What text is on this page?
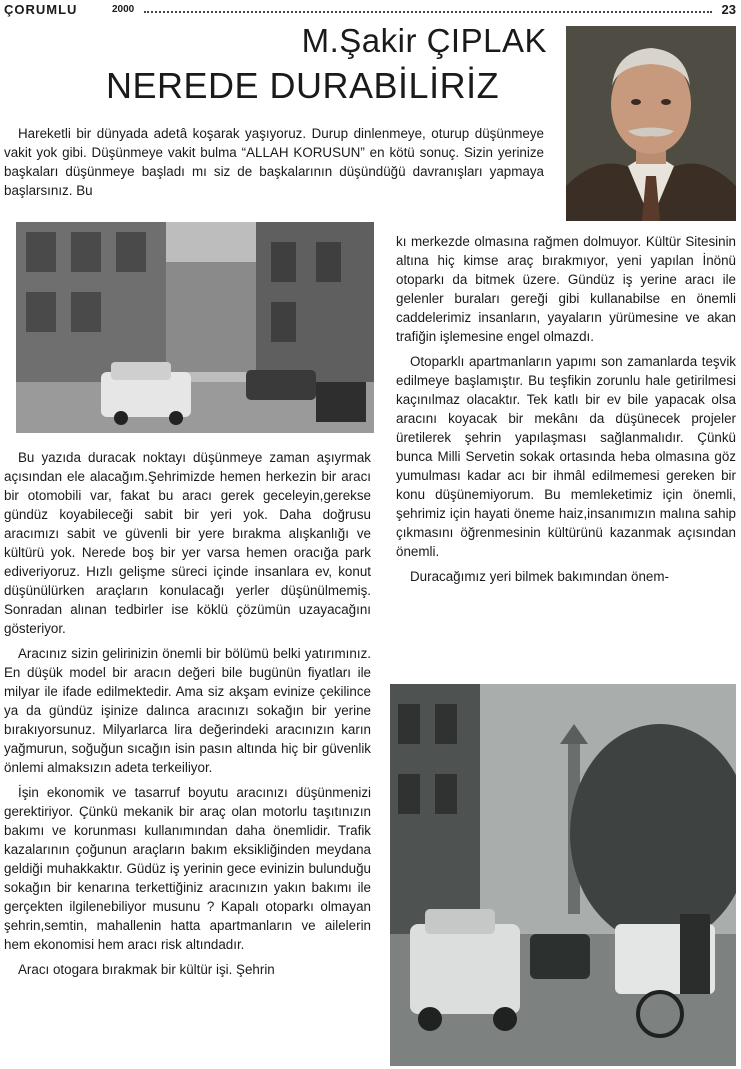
ÇORUMLU	2000	23
M.Şakir ÇIPLAK
NEREDE DURABİLİRİZ

Hareketli bir dünyada adetâ koşarak yaşıyoruz. Durup dinlenmeye, oturup düşünmeye vakit yok gibi. Düşünmeye vakit bulma “ALLAH KORUSUN” en kötü sonuç. Sizin yerinize başkaları düşünmeye başladı mı siz de başkalarının düşündüğü davranışları yapmaya başlarsınız. Bu

Bu yazıda duracak noktayı düşünmeye zaman aşıyrmak açısından ele alacağım.Şehrimizde hemen herkezin bir aracı bir otomobili var, fakat bu aracı gerek geceleyin,gerekse gündüz koyabileceği sabit bir yeri yok. Daha doğrusu aracımızı sabit ve güvenli bir yere bırakma alışkanlığı ve kültürü yok. Nerede boş bir yer varsa hemen oracığa park ediveriyoruz. Hızlı gelişme süreci içinde insanlara ev, konut düşünülürken araçların konulacağı yerler düşünülmemiş. Sonradan alınan tedbirler ise köklü çözümün uzayacağını gösteriyor.

Aracınız sizin gelirinizin önemli bir bölümü belki yatırımınız. En düşük model bir aracın değeri bile bugünün fiyatları ile milyar ile ifade edilmektedir. Ama siz akşam evinize çekilince ya da gündüz işinize dalınca aracınızı sokağın bir yerine bırakıyorsunuz. Milyarlarca lira değerindeki aracınızın karın yağmurun, soğuğun sıcağın isin pasın altında hiç bir güvenlik önlemi almaksızın adeta terkeiliyor.

İşin ekonomik ve tasarruf boyutu aracınızı düşünmenizi gerektiriyor. Çünkü mekanik bir araç olan motorlu taşıtınızın bakımı ve korunması kullanımından daha önemlidir. Trafik kazalarının çoğunun araçların bakım eksikliğinden meydana geldiği muhakkaktır. Güdüz iş yerinin gece evinizin bulunduğu sokağın bir kenarına terkettiğiniz aracınızın yakın bakımı ile gerçekten ilgilenebiliyor musunu ? Kapalı otoparkı olmayan şehrin,semtin, mahallenin hatta apartmanların ve ailelerin hem ekonomisi hem aracı risk altındadır.

Aracı otogara bırakmak bir kültür işi. Şehrin

kı merkezde olmasına rağmen dolmuyor. Kültür Sitesinin altına hiç kimse araç bırakmıyor, yeni yapılan İnönü otoparkı da bitmek üzere. Gündüz iş yerine aracı ile gelenler buraları gereği gibi kullanabilse en önemli caddelerimiz insanların, yayaların yürümesine ve akan trafiğin işlemesine engel olmazdı.

Otoparklı apartmanların yapımı son zamanlarda teşvik edilmeye başlamıştır. Bu teşfikin zorunlu hale getirilmesi kaçınılmaz olacaktır. Tek katlı bir ev bile yapacak olsa aracını koyacak bir mekânı da düşünecek projeler üretilerek şehrin yapılaşması sağlanmalıdır. Çünkü bunca Milli Servetin sokak ortasında heba olmasına göz yumulması kadar acı bir ihmâl edilmemesi gereken bir konu düşünemiyorum. Bu memleketimiz için önemli, şehrimiz için hayati öneme haiz,insanımızın malına sahip çıkmasını öğrenmesinin kültürünü kazanmak açısından önemli.

Duracağımız yeri bilmek bakımından önem-
